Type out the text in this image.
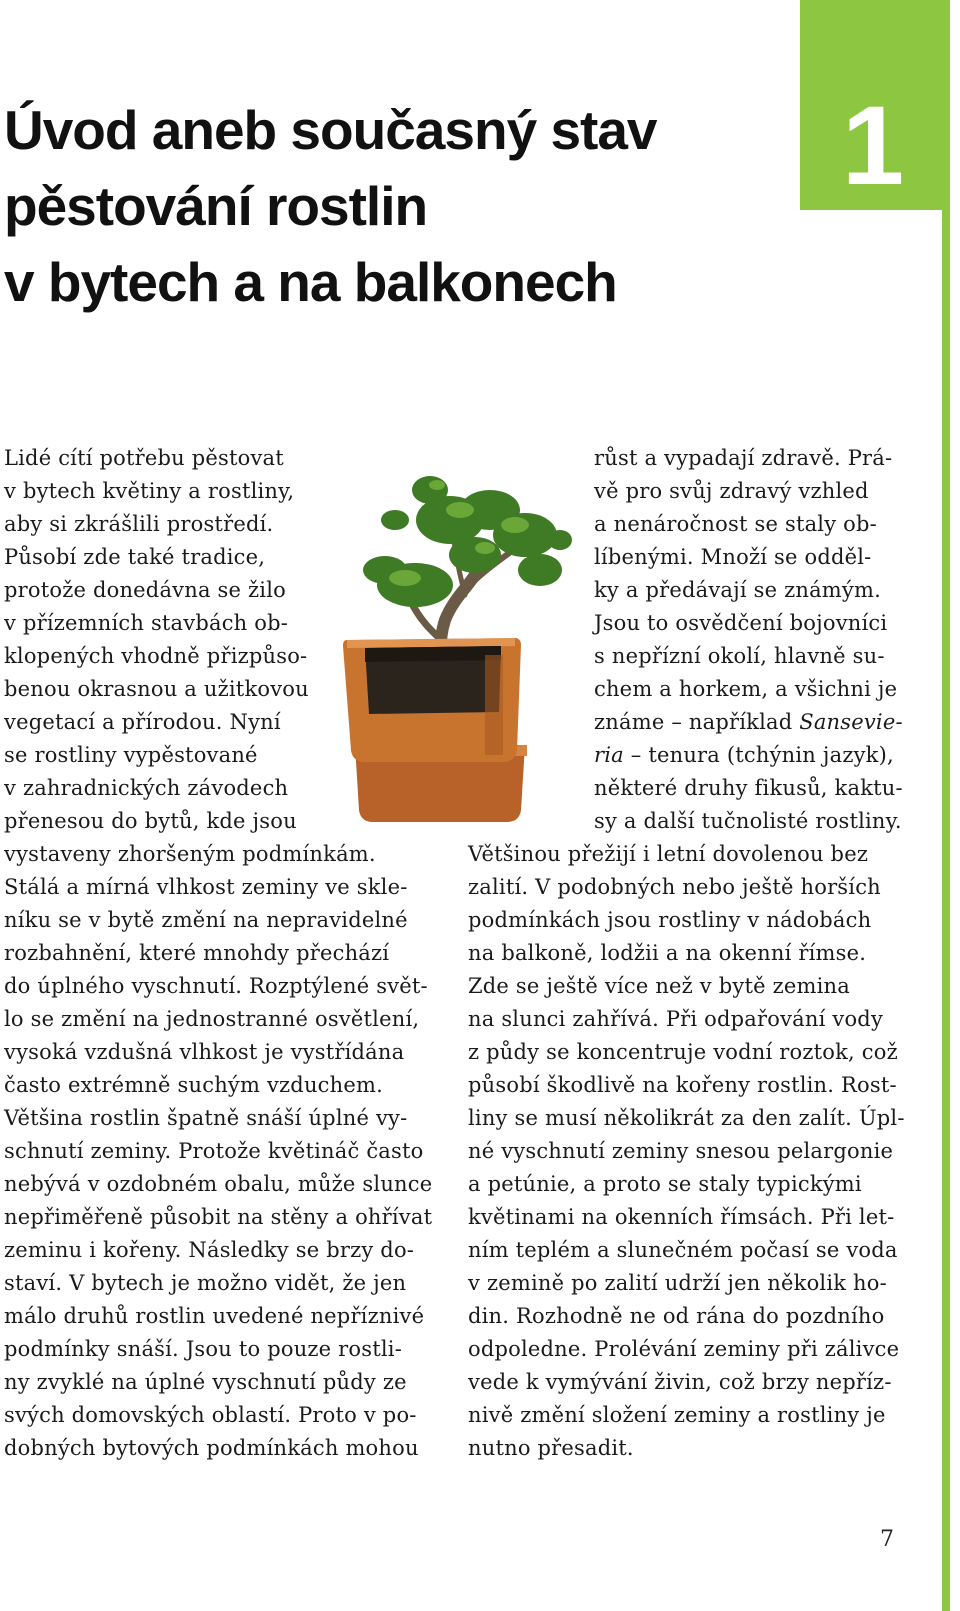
1
Úvod aneb současný stav
pěstování rostlin
v bytech a na balkonech
Lidé cítí potřebu pěstovat
v bytech květiny a rostliny,
aby si zkrášlili prostředí.
Působí zde také tradice,
protože donedávna se žilo
v přízemních stavbách ob-
klopených vhodně přizpůso-
benou okrasnou a užitkovou
vegetací a přírodou. Nyní
se rostliny vypěstované
v zahradnických závodech
přenesou do bytů, kde jsou
vystaveny zhoršeným podmínkám.
Stálá a mírná vlhkost zeminy ve skle-
níku se v bytě změní na nepravidelné
rozbahnění, které mnohdy přechází
do úplného vyschnutí. Rozptýlené svět-
lo se změní na jednostranné osvětlení,
vysoká vzdušná vlhkost je vystřídána
často extrémně suchým vzduchem.
Většina rostlin špatně snáší úplné vy-
schnutí zeminy. Protože květináč často
nebývá v ozdobném obalu, může slunce
nepřiměřeně působit na stěny a ohřívat
zeminu i kořeny. Následky se brzy do-
staví. V bytech je možno vidět, že jen
málo druhů rostlin uvedené nepříznivé
podmínky snáší. Jsou to pouze rostli-
ny zvyklé na úplné vyschnutí půdy ze
svých domovských oblastí. Proto v po-
dobných bytových podmínkách mohou
růst a vypadají zdravě. Prá-
vě pro svůj zdravý vzhled
a nenáročnost se staly ob-
líbenými. Množí se odděl-
ky a předávají se známým.
Jsou to osvědčení bojovníci
s nepřízní okolí, hlavně su-
chem a horkem, a všichni je
známe – například Sansevie-
ria – tenura (tchýnin jazyk),
některé druhy fikusů, kaktu-
sy a další tučnolisté rostliny.
Většinou přežijí i letní dovolenou bez
zalití. V podobných nebo ještě horších
podmínkách jsou rostliny v nádobách
na balkoně, lodžii a na okenní římse.
Zde se ještě více než v bytě zemina
na slunci zahřívá. Při odpařování vody
z půdy se koncentruje vodní roztok, což
působí škodlivě na kořeny rostlin. Rost-
liny se musí několikrát za den zalít. Úpl-
né vyschnutí zeminy snesou pelargonie
a petúnie, a proto se staly typickými
květinami na okenních římsách. Při let-
ním teplém a slunečném počasí se voda
v zemině po zalití udrží jen několik ho-
din. Rozhodně ne od rána do pozdního
odpoledne. Prolévání zeminy při zálivce
vede k vymývání živin, což brzy nepříz-
nivě změní složení zeminy a rostliny je
nutno přesadit.
7
